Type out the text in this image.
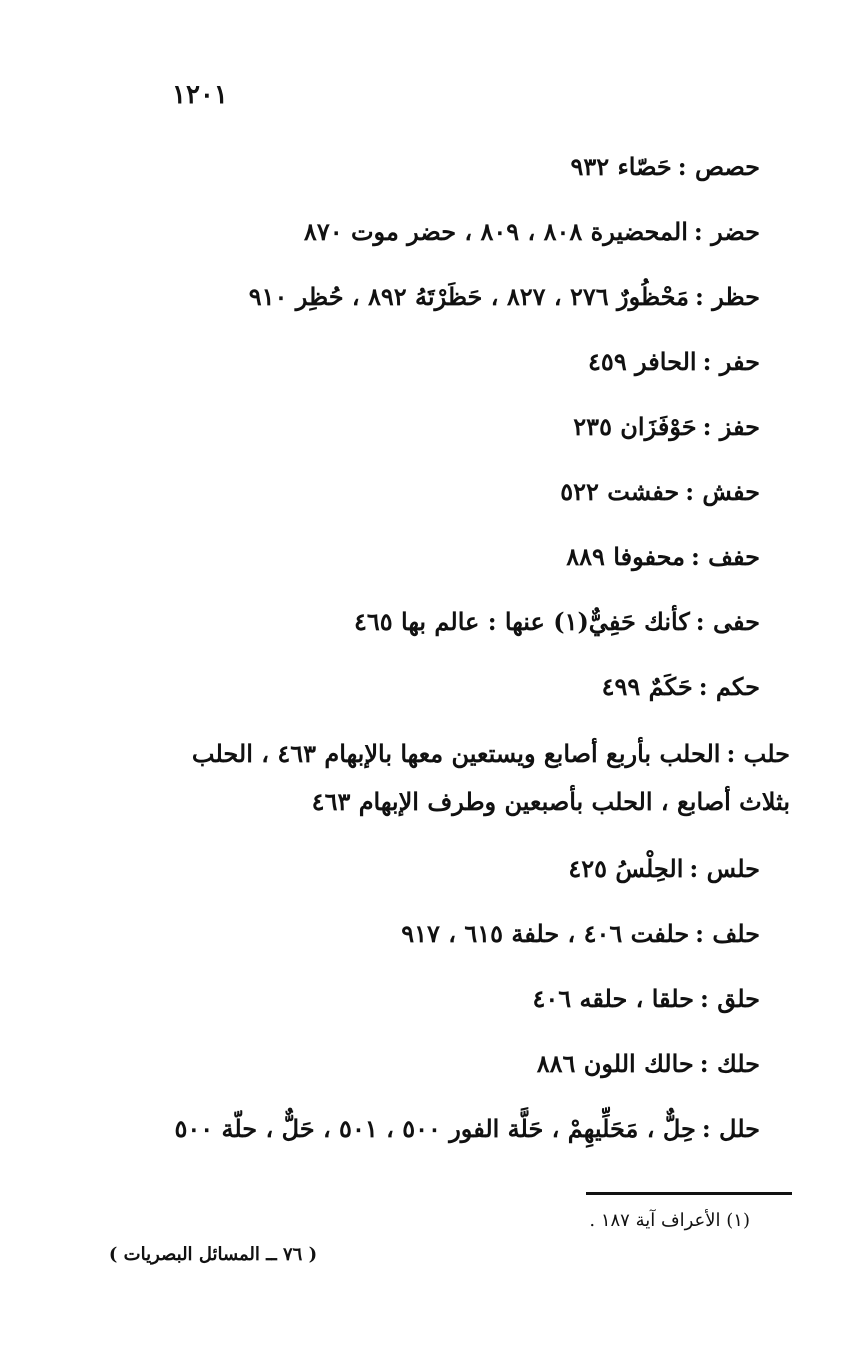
١٢٠١
حصص :حَصّاء ٩٣٢
حضر :المحضيرة ٨٠٨ ، ٨٠٩ ، حضر موت ٨٧٠
حظر :مَحْظُورٌ ٢٧٦ ، ٨٢٧ ، حَظَرْتَهُ ٨٩٢ ، حُظِر ٩١٠
حفر :الحافر ٤٥٩
حفز :حَوْفَزَان ٢٣٥
حفش :حفشت ٥٢٢
حفف :محفوفا ٨٨٩
حفى :كأنك حَفِيٌّ(١) عنها : عالم بها ٤٦٥
حكم :حَكَمٌ ٤٩٩
حلب :الحلب بأربع أصابع ويستعين معها بالإبهام ٤٦٣ ، الحلب بثلاث أصابع ، الحلب بأصبعين وطرف الإبهام ٤٦٣
حلس :الحِلْسُ ٤٢٥
حلف :حلفت ٤٠٦ ، حلفة ٦١٥ ، ٩١٧
حلق :حلقا ، حلقه ٤٠٦
حلك :حالك اللون ٨٨٦
حلل :حِلٌّ ، مَحَلِّيهِمْ ، حَلَّة الفور ٥٠٠ ، ٥٠١ ، حَلٌّ ، حلّة ٥٠٠
(١) الأعراف آية ١٨٧ .
( ٧٦ ــ المسائل البصريات )
